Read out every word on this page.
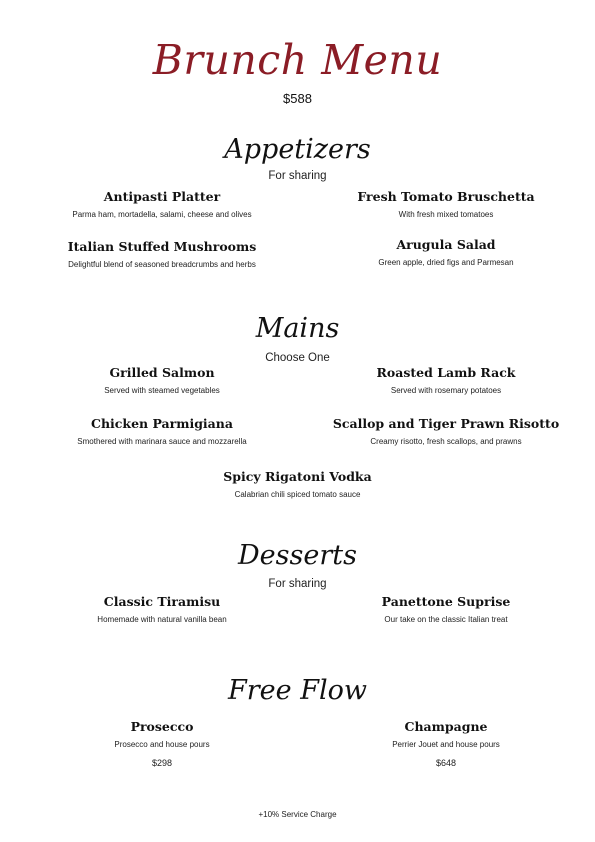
Brunch Menu
$588
Appetizers
For sharing
Antipasti Platter
Parma ham, mortadella, salami, cheese and olives
Fresh Tomato Bruschetta
With fresh mixed tomatoes
Italian Stuffed Mushrooms
Delightful blend of seasoned breadcrumbs and herbs
Arugula Salad
Green apple, dried figs and Parmesan
Mains
Choose One
Grilled Salmon
Served with steamed vegetables
Roasted Lamb Rack
Served with rosemary potatoes
Chicken Parmigiana
Smothered with marinara sauce and mozzarella
Scallop and Tiger Prawn Risotto
Creamy risotto, fresh scallops, and prawns
Spicy Rigatoni Vodka
Calabrian chili spiced tomato sauce
Desserts
For sharing
Classic Tiramisu
Homemade with natural vanilla bean
Panettone Suprise
Our take on the classic Italian treat
Free Flow
Prosecco
Prosecco and house pours
$298
Champagne
Perrier Jouet and house pours
$648
+10% Service Charge
